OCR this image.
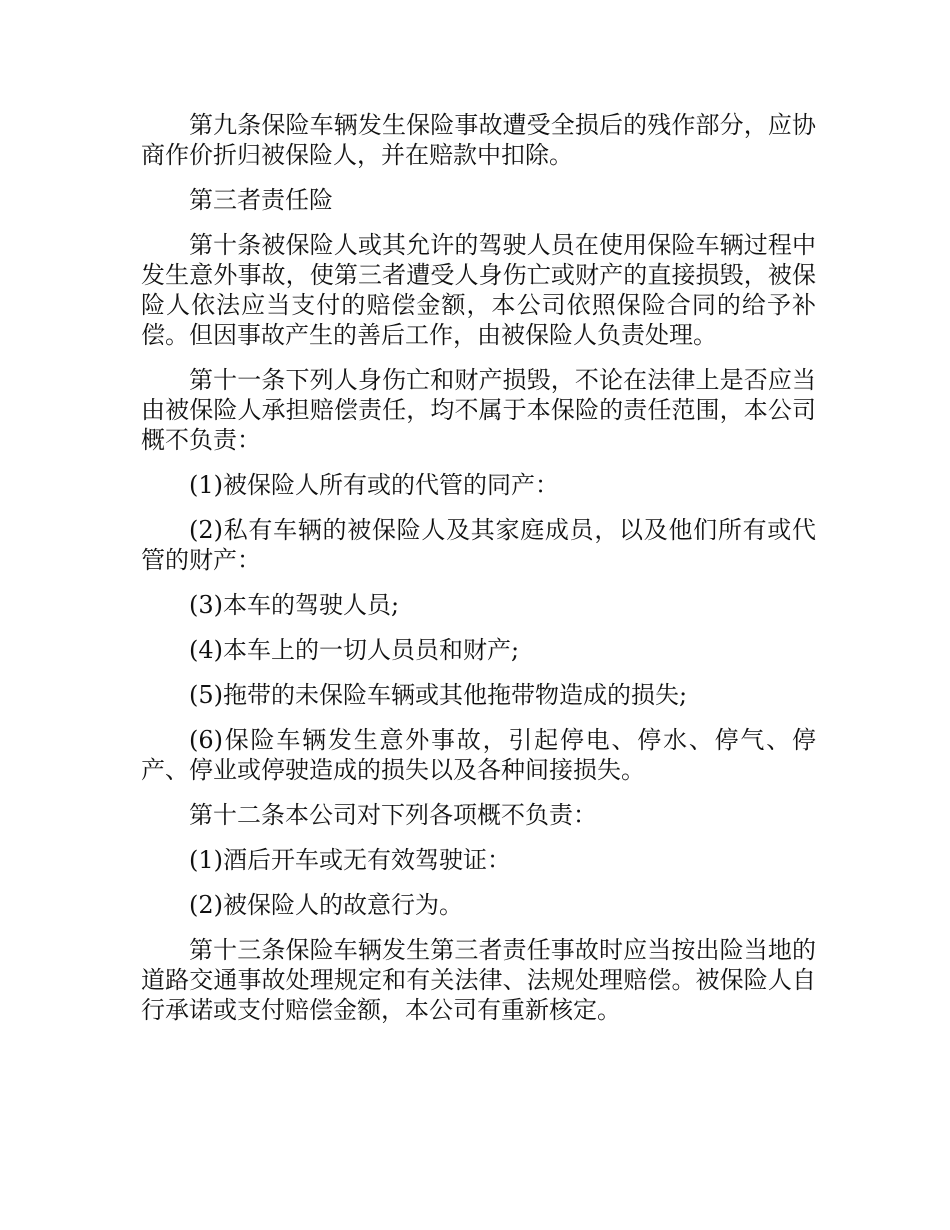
第九条保险车辆发生保险事故遭受全损后的残作部分，应协商作价折归被保险人，并在赔款中扣除。

第三者责任险

第十条被保险人或其允许的驾驶人员在使用保险车辆过程中发生意外事故，使第三者遭受人身伤亡或财产的直接损毁，被保险人依法应当支付的赔偿金额，本公司依照保险合同的给予补偿。但因事故产生的善后工作，由被保险人负责处理。

第十一条下列人身伤亡和财产损毁，不论在法律上是否应当由被保险人承担赔偿责任，均不属于本保险的责任范围，本公司概不负责：

(1)被保险人所有或的代管的同产：

(2)私有车辆的被保险人及其家庭成员，以及他们所有或代管的财产：

(3)本车的驾驶人员;

(4)本车上的一切人员员和财产;

(5)拖带的未保险车辆或其他拖带物造成的损失;

(6)保险车辆发生意外事故，引起停电、停水、停气、停产、停业或停驶造成的损失以及各种间接损失。

第十二条本公司对下列各项概不负责：

(1)酒后开车或无有效驾驶证：

(2)被保险人的故意行为。

第十三条保险车辆发生第三者责任事故时应当按出险当地的道路交通事故处理规定和有关法律、法规处理赔偿。被保险人自行承诺或支付赔偿金额，本公司有重新核定。
